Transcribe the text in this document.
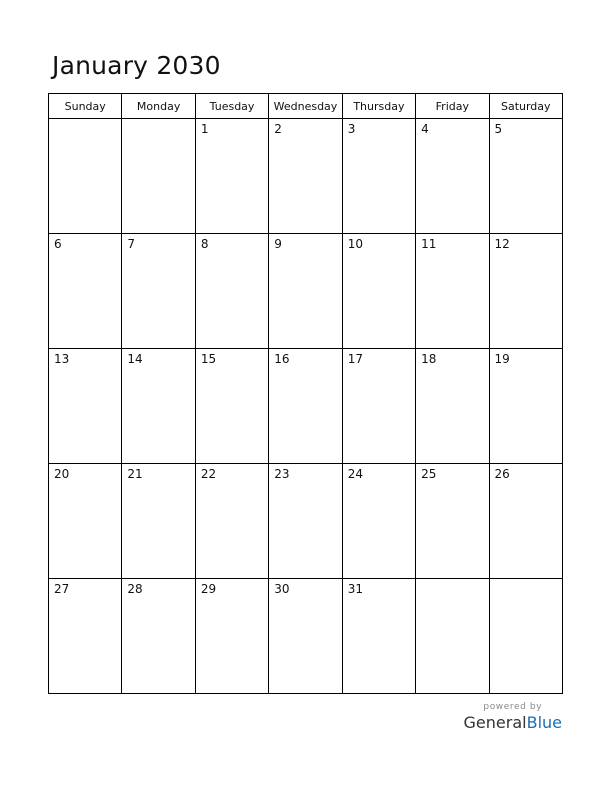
January 2030
Sunday	Monday	Tuesday	Wednesday	Thursday	Friday	Saturday

		1	2	3	4	5

6	7	8	9	10	11	12

13	14	15	16	17	18	19

20	21	22	23	24	25	26

27	28	29	30	31		

powered by
GeneralBlue
